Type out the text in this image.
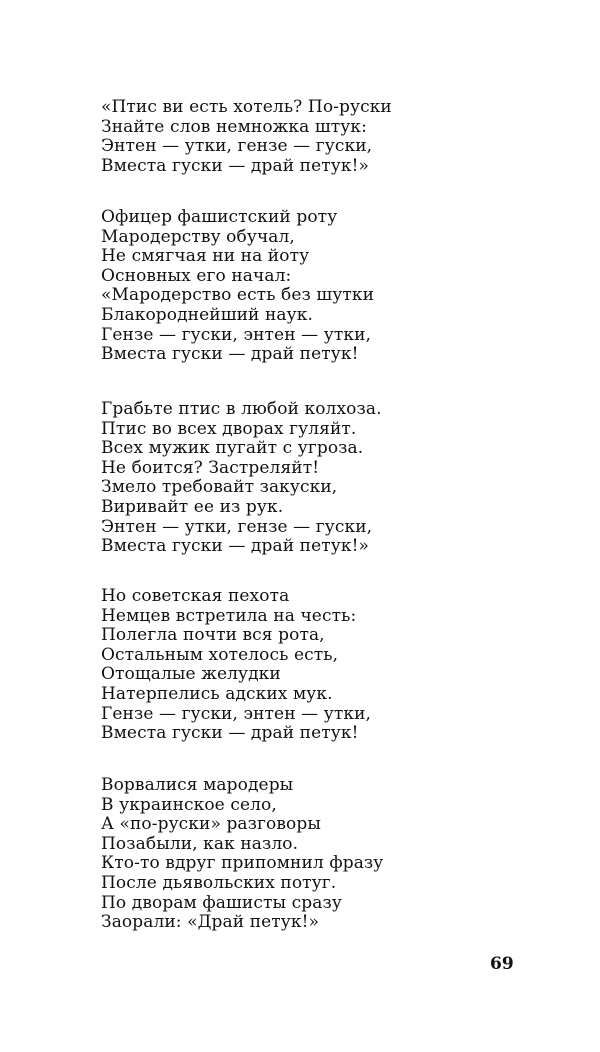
«Птис ви есть хотель? По-руски
Знайте слов немножка штук:
Энтен — утки, гензе — гуски,
Вместа гуски — драй петук!»
Офицер фашистский роту
Мародерству обучал,
Не смягчая ни на йоту
Основных его начал:
«Мародерство есть без шутки
Блакороднейший наук.
Гензе — гуски, энтен — утки,
Вместа гуски — драй петук!
Грабьте птис в любой колхоза.
Птис во всех дворах гуляйт.
Всех мужик пугайт с угроза.
Не боится? Застреляйт!
Змело требовайт закуски,
Виривайт ее из рук.
Энтен — утки, гензе — гуски,
Вместа гуски — драй петук!»
Но советская пехота
Немцев встретила на честь:
Полегла почти вся рота,
Остальным хотелось есть,
Отощалые желудки
Натерпелись адских мук.
Гензе — гуски, энтен — утки,
Вместа гуски — драй петук!
Ворвалися мародеры
В украинское село,
А «по-руски» разговоры
Позабыли, как назло.
Кто-то вдруг припомнил фразу
После дьявольских потуг.
По дворам фашисты сразу
Заорали: «Драй петук!»
69
